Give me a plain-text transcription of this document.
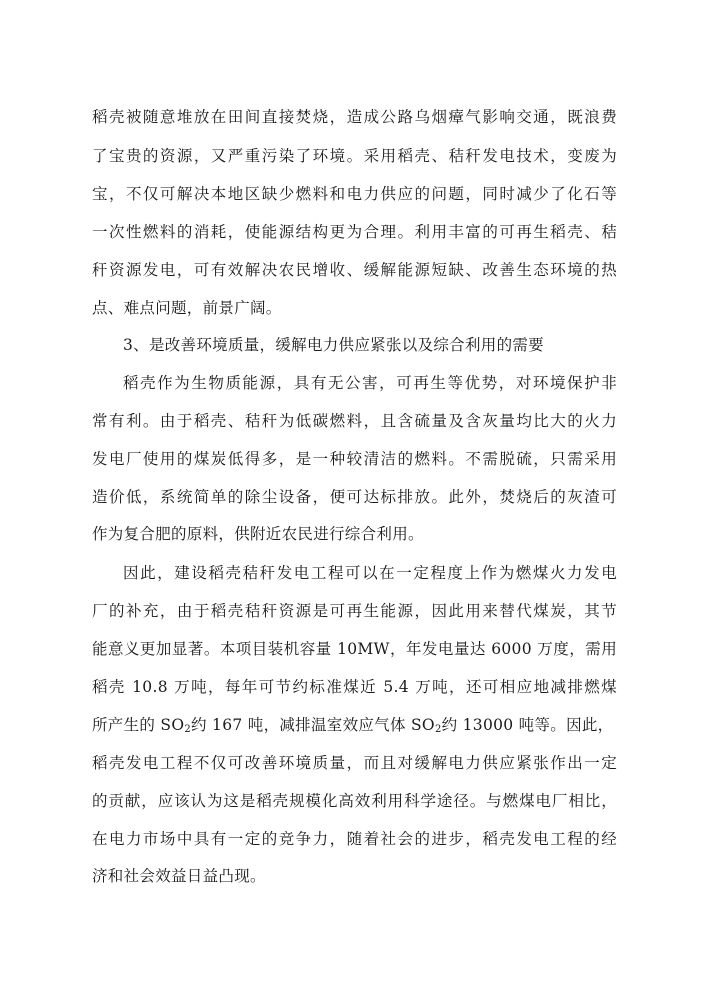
稻壳被随意堆放在田间直接焚烧，造成公路乌烟瘴气影响交通，既浪费
了宝贵的资源，又严重污染了环境。采用稻壳、秸秆发电技术，变废为
宝，不仅可解决本地区缺少燃料和电力供应的问题，同时减少了化石等
一次性燃料的消耗，使能源结构更为合理。利用丰富的可再生稻壳、秸
秆资源发电，可有效解决农民增收、缓解能源短缺、改善生态环境的热
点、难点问题，前景广阔。
3、是改善环境质量，缓解电力供应紧张以及综合利用的需要
稻壳作为生物质能源，具有无公害，可再生等优势，对环境保护非
常有利。由于稻壳、秸秆为低碳燃料，且含硫量及含灰量均比大的火力
发电厂使用的煤炭低得多，是一种较清洁的燃料。不需脱硫，只需采用
造价低，系统简单的除尘设备，便可达标排放。此外，焚烧后的灰渣可
作为复合肥的原料，供附近农民进行综合利用。
因此，建设稻壳秸秆发电工程可以在一定程度上作为燃煤火力发电
厂的补充，由于稻壳秸秆资源是可再生能源，因此用来替代煤炭，其节
能意义更加显著。本项目装机容量 10MW，年发电量达 6000 万度，需用
稻壳 10.8 万吨，每年可节约标准煤近 5.4 万吨，还可相应地减排燃煤
所产生的 $SO_2$约 167 吨，减排温室效应气体 $SO_2$约 13000 吨等。因此，
稻壳发电工程不仅可改善环境质量，而且对缓解电力供应紧张作出一定
的贡献，应该认为这是稻壳规模化高效利用科学途径。与燃煤电厂相比，
在电力市场中具有一定的竞争力，随着社会的进步，稻壳发电工程的经
济和社会效益日益凸现。
